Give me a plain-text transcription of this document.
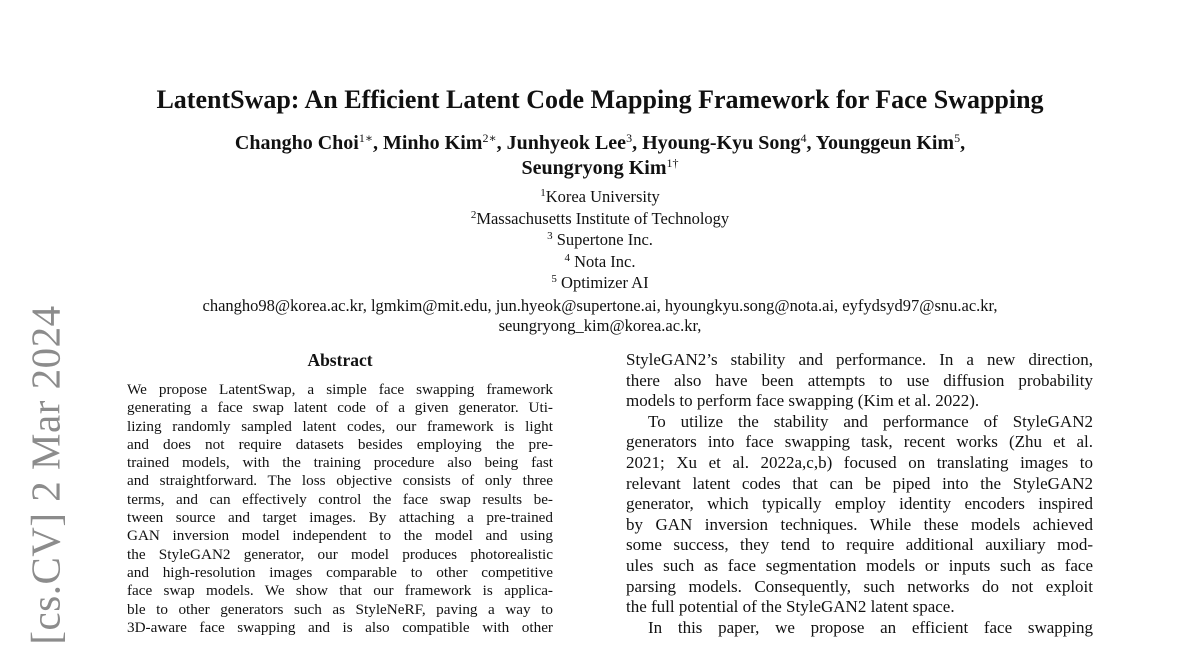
[cs.CV] 2 Mar 2024
LatentSwap: An Efficient Latent Code Mapping Framework for Face Swapping
Changho Choi$^{1∗}$, Minho Kim$^{2∗}$, Junhyeok Lee$^3$, Hyoung-Kyu Song$^4$, Younggeun Kim$^5$,
Seungryong Kim$^{1\dagger}$
$^1$Korea University
$^2$Massachusetts Institute of Technology
$^3$ Supertone Inc.
$^4$ Nota Inc.
$^5$ Optimizer AI
changho98@korea.ac.kr, lgmkim@mit.edu, jun.hyeok@supertone.ai, hyoungkyu.song@nota.ai, eyfydsyd97@snu.ac.kr,
seungryong_kim@korea.ac.kr,
Abstract
We propose LatentSwap, a simple face swapping framework
generating a face swap latent code of a given generator. Uti-
lizing randomly sampled latent codes, our framework is light
and does not require datasets besides employing the pre-
trained models, with the training procedure also being fast
and straightforward. The loss objective consists of only three
terms, and can effectively control the face swap results be-
tween source and target images. By attaching a pre-trained
GAN inversion model independent to the model and using
the StyleGAN2 generator, our model produces photorealistic
and high-resolution images comparable to other competitive
face swap models. We show that our framework is applica-
ble to other generators such as StyleNeRF, paving a way to
3D-aware face swapping and is also compatible with other
StyleGAN2’s stability and performance. In a new direction,
there also have been attempts to use diffusion probability
models to perform face swapping (Kim et al. 2022).
To utilize the stability and performance of StyleGAN2
generators into face swapping task, recent works (Zhu et al.
2021; Xu et al. 2022a,c,b) focused on translating images to
relevant latent codes that can be piped into the StyleGAN2
generator, which typically employ identity encoders inspired
by GAN inversion techniques. While these models achieved
some success, they tend to require additional auxiliary mod-
ules such as face segmentation models or inputs such as face
parsing models. Consequently, such networks do not exploit
the full potential of the StyleGAN2 latent space.
In this paper, we propose an efficient face swapping
